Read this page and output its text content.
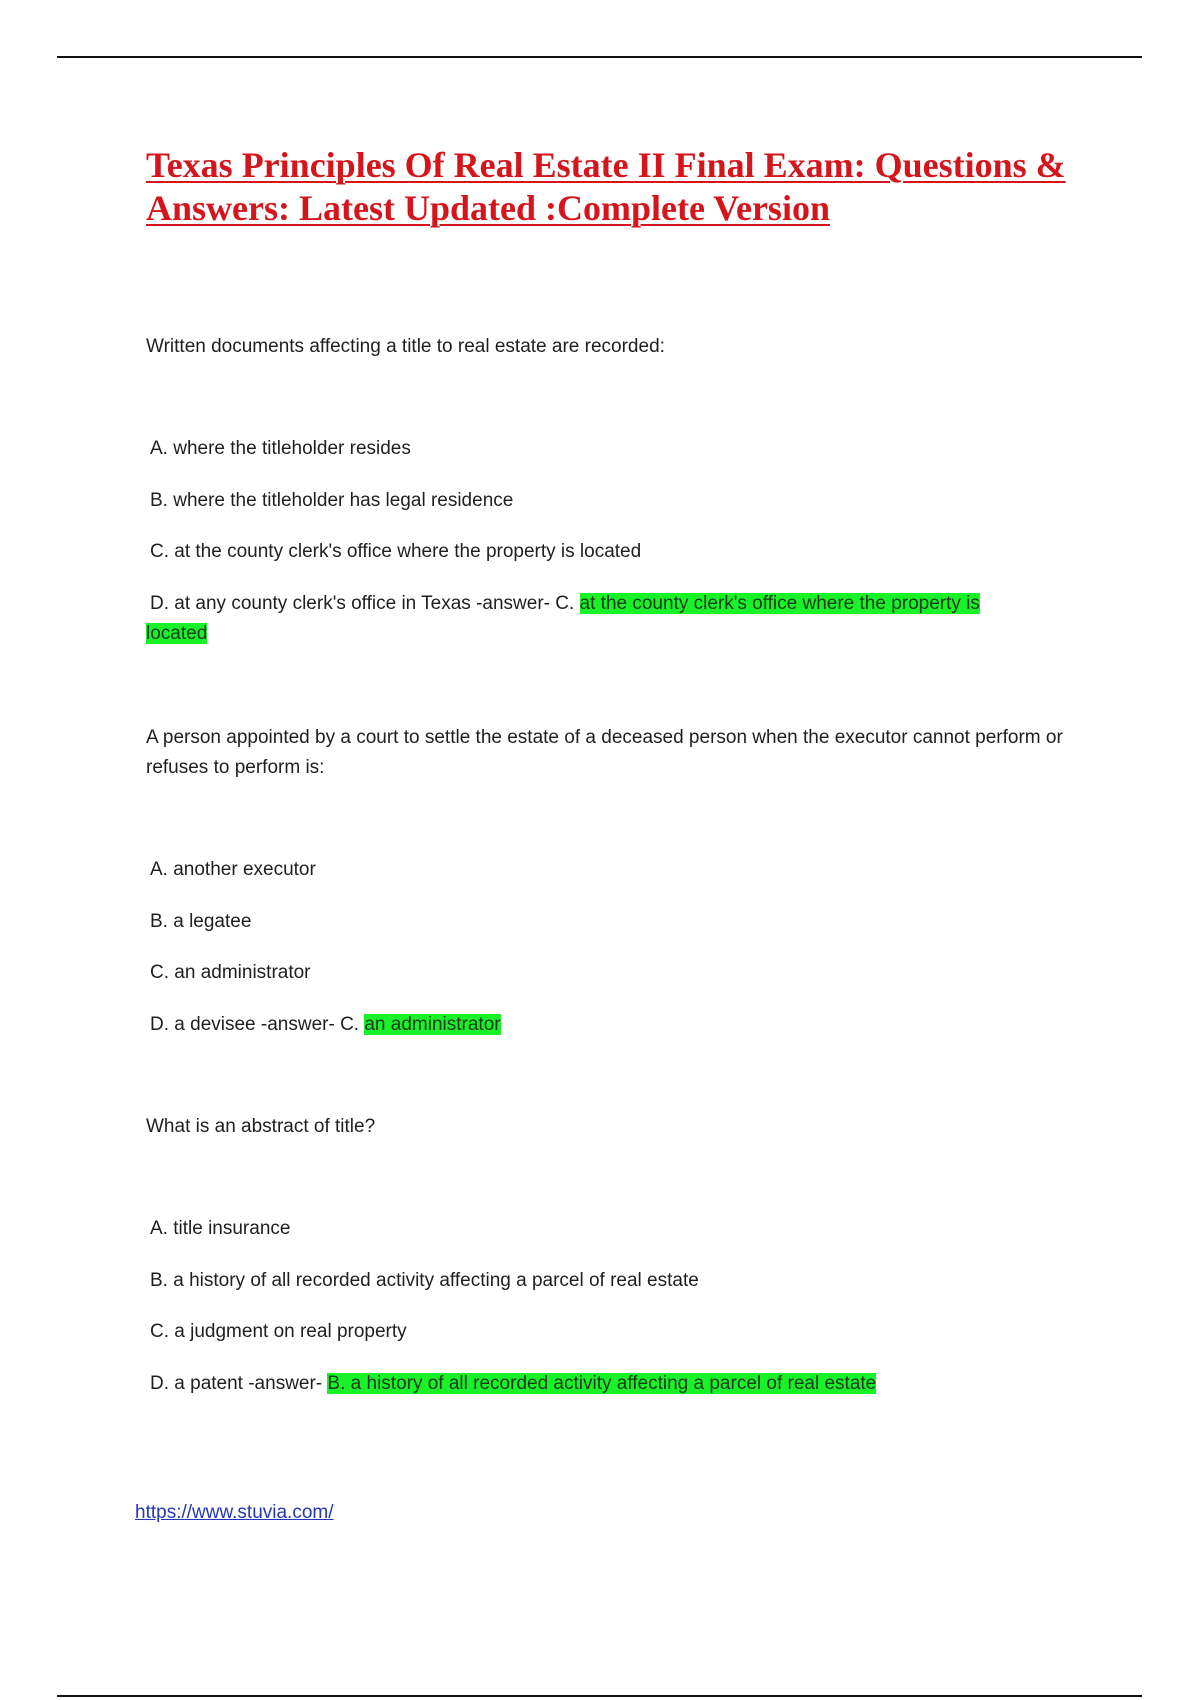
Texas Principles Of Real Estate II Final Exam: Questions & Answers: Latest Updated :Complete Version

Written documents affecting a title to real estate are recorded:

A. where the titleholder resides

B. where the titleholder has legal residence

C. at the county clerk's office where the property is located

D. at any county clerk's office in Texas -answer- C. at the county clerk's office where the property is located

A person appointed by a court to settle the estate of a deceased person when the executor cannot perform or refuses to perform is:

A. another executor

B. a legatee

C. an administrator

D. a devisee -answer- C. an administrator

What is an abstract of title?

A. title insurance

B. a history of all recorded activity affecting a parcel of real estate

C. a judgment on real property

D. a patent -answer- B. a history of all recorded activity affecting a parcel of real estate

https://www.stuvia.com/
